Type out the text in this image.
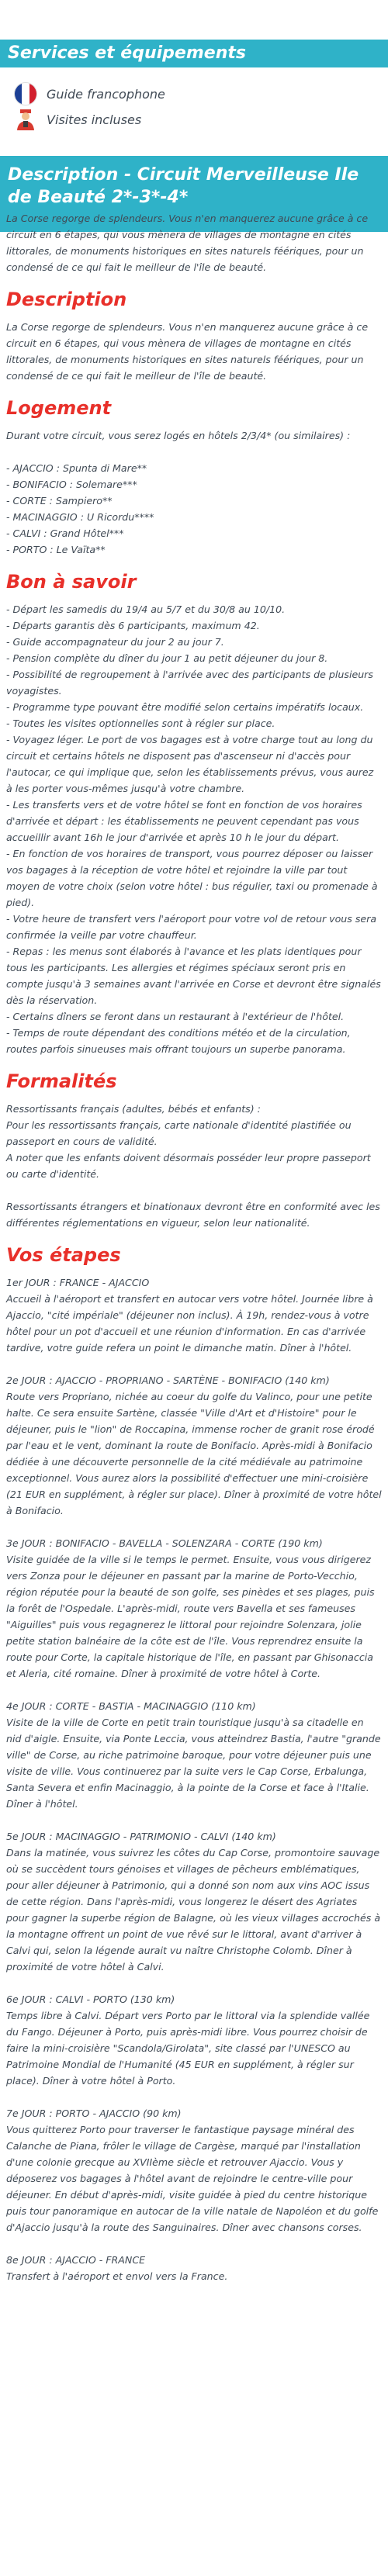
Services et équipements
Guide francophone

Visites incluses
Description - Circuit Merveilleuse Ile de Beauté 2*-3*-4*

La Corse regorge de splendeurs. Vous n'en manquerez aucune grâce à ce circuit en 6 étapes, qui vous mènera de villages de montagne en cités littorales, de monuments historiques en sites naturels féériques, pour un condensé de ce qui fait le meilleur de l'île de beauté.

Description

La Corse regorge de splendeurs. Vous n'en manquerez aucune grâce à ce circuit en 6 étapes, qui vous mènera de villages de montagne en cités littorales, de monuments historiques en sites naturels féériques, pour un condensé de ce qui fait le meilleur de l'île de beauté.

Logement

Durant votre circuit, vous serez logés en hôtels 2/3/4* (ou similaires) :

- AJACCIO : Spunta di Mare**

- BONIFACIO : Solemare***

- CORTE : Sampiero**

- MACINAGGIO : U Ricordu****

- CALVI : Grand Hôtel***

- PORTO : Le Vaïta**

Bon à savoir

- Départ les samedis du 19/4 au 5/7 et du 30/8 au 10/10.

- Départs garantis dès 6 participants, maximum 42.

- Guide accompagnateur du jour 2 au jour 7.

- Pension complète du dîner du jour 1 au petit déjeuner du jour 8.

- Possibilité de regroupement à l'arrivée avec des participants de plusieurs voyagistes.

- Programme type pouvant être modifié selon certains impératifs locaux.

- Toutes les visites optionnelles sont à régler sur place.

- Voyagez léger. Le port de vos bagages est à votre charge tout au long du circuit et certains hôtels ne disposent pas d'ascenseur ni d'accès pour l'autocar, ce qui implique que, selon les établissements prévus, vous aurez à les porter vous-mêmes jusqu'à votre chambre.

- Les transferts vers et de votre hôtel se font en fonction de vos horaires d'arrivée et départ : les établissements ne peuvent cependant pas vous accueillir avant 16h le jour d'arrivée et après 10 h le jour du départ.

- En fonction de vos horaires de transport, vous pourrez déposer ou laisser vos bagages à la réception de votre hôtel et rejoindre la ville par tout moyen de votre choix (selon votre hôtel : bus régulier, taxi ou promenade à pied).

- Votre heure de transfert vers l'aéroport pour votre vol de retour vous sera confirmée la veille par votre chauffeur.

- Repas : les menus sont élaborés à l'avance et les plats identiques pour tous les participants. Les allergies et régimes spéciaux seront pris en compte jusqu'à 3 semaines avant l'arrivée en Corse et devront être signalés dès la réservation.

- Certains dîners se feront dans un restaurant à l'extérieur de l'hôtel.

- Temps de route dépendant des conditions météo et de la circulation, routes parfois sinueuses mais offrant toujours un superbe panorama.

Formalités

Ressortissants français (adultes, bébés et enfants) :

Pour les ressortissants français, carte nationale d'identité plastifiée ou passeport en cours de validité.

A noter que les enfants doivent désormais posséder leur propre passeport ou carte d'identité.

Ressortissants étrangers et binationaux devront être en conformité avec les différentes réglementations en vigueur, selon leur nationalité.

Vos étapes

1er JOUR : FRANCE - AJACCIO

Accueil à l'aéroport et transfert en autocar vers votre hôtel. Journée libre à Ajaccio, "cité impériale" (déjeuner non inclus). À 19h, rendez-vous à votre hôtel pour un pot d'accueil et une réunion d'information. En cas d'arrivée tardive, votre guide refera un point le dimanche matin. Dîner à l'hôtel.

2e JOUR : AJACCIO - PROPRIANO - SARTÈNE - BONIFACIO (140 km)

Route vers Propriano, nichée au coeur du golfe du Valinco, pour une petite halte. Ce sera ensuite Sartène, classée "Ville d'Art et d'Histoire" pour le déjeuner, puis le "lion" de Roccapina, immense rocher de granit rose érodé par l'eau et le vent, dominant la route de Bonifacio. Après-midi à Bonifacio dédiée à une découverte personnelle de la cité médiévale au patrimoine exceptionnel. Vous aurez alors la possibilité d'effectuer une mini-croisière (21 EUR en supplément, à régler sur place). Dîner à proximité de votre hôtel à Bonifacio.

3e JOUR : BONIFACIO - BAVELLA - SOLENZARA - CORTE (190 km)

Visite guidée de la ville si le temps le permet. Ensuite, vous vous dirigerez vers Zonza pour le déjeuner en passant par la marine de Porto-Vecchio, région réputée pour la beauté de son golfe, ses pinèdes et ses plages, puis la forêt de l'Ospedale. L'après-midi, route vers Bavella et ses fameuses "Aiguilles" puis vous regagnerez le littoral pour rejoindre Solenzara, jolie petite station balnéaire de la côte est de l'île. Vous reprendrez ensuite la route pour Corte, la capitale historique de l'île, en passant par Ghisonaccia et Aleria, cité romaine. Dîner à proximité de votre hôtel à Corte.

4e JOUR : CORTE - BASTIA - MACINAGGIO (110 km)

Visite de la ville de Corte en petit train touristique jusqu'à sa citadelle en nid d'aigle. Ensuite, via Ponte Leccia, vous atteindrez Bastia, l'autre "grande ville" de Corse, au riche patrimoine baroque, pour votre déjeuner puis une visite de ville. Vous continuerez par la suite vers le Cap Corse, Erbalunga, Santa Severa et enfin Macinaggio, à la pointe de la Corse et face à l'Italie. Dîner à l'hôtel.

5e JOUR : MACINAGGIO - PATRIMONIO - CALVI (140 km)

Dans la matinée, vous suivrez les côtes du Cap Corse, promontoire sauvage où se succèdent tours génoises et villages de pêcheurs emblématiques, pour aller déjeuner à Patrimonio, qui a donné son nom aux vins AOC issus de cette région. Dans l'après-midi, vous longerez le désert des Agriates pour gagner la superbe région de Balagne, où les vieux villages accrochés à la montagne offrent un point de vue rêvé sur le littoral, avant d'arriver à Calvi qui, selon la légende aurait vu naître Christophe Colomb. Dîner à proximité de votre hôtel à Calvi.

6e JOUR : CALVI - PORTO (130 km)

Temps libre à Calvi. Départ vers Porto par le littoral via la splendide vallée du Fango. Déjeuner à Porto, puis après-midi libre. Vous pourrez choisir de faire la mini-croisière "Scandola/Girolata", site classé par l'UNESCO au Patrimoine Mondial de l'Humanité (45 EUR en supplément, à régler sur place). Dîner à votre hôtel à Porto.

7e JOUR : PORTO - AJACCIO (90 km)

Vous quitterez Porto pour traverser le fantastique paysage minéral des Calanche de Piana, frôler le village de Cargèse, marqué par l'installation d'une colonie grecque au XVIIème siècle et retrouver Ajaccio. Vous y déposerez vos bagages à l'hôtel avant de rejoindre le centre-ville pour déjeuner. En début d'après-midi, visite guidée à pied du centre historique puis tour panoramique en autocar de la ville natale de Napoléon et du golfe d'Ajaccio jusqu'à la route des Sanguinaires. Dîner avec chansons corses.

8e JOUR : AJACCIO - FRANCE

Transfert à l'aéroport et envol vers la France.
